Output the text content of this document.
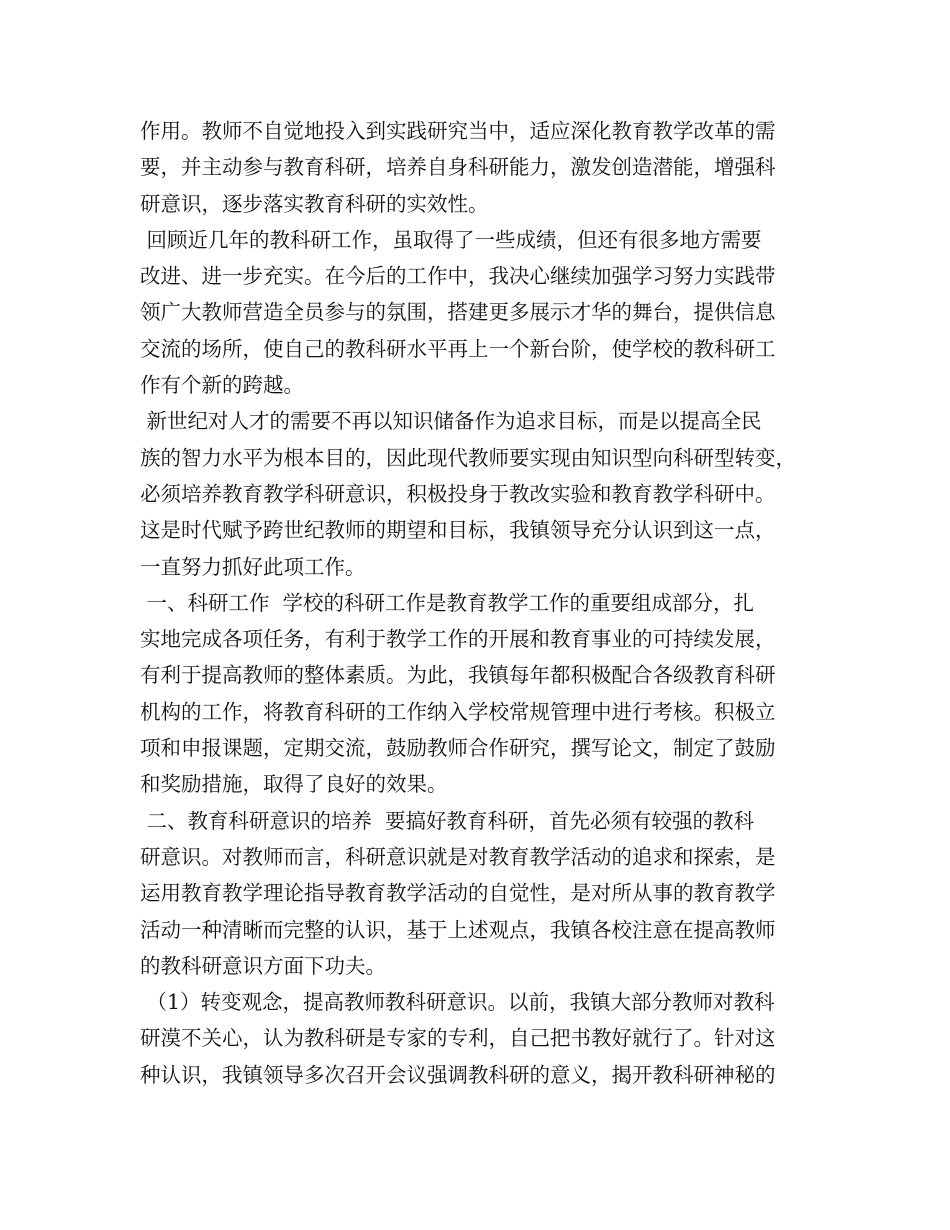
作用。教师不自觉地投入到实践研究当中，适应深化教育教学改革的需
要，并主动参与教育科研，培养自身科研能力，激发创造潜能，增强科
研意识，逐步落实教育科研的实效性。
回顾近几年的教科研工作，虽取得了一些成绩，但还有很多地方需要
改进、进一步充实。在今后的工作中，我决心继续加强学习努力实践带
领广大教师营造全员参与的氛围，搭建更多展示才华的舞台，提供信息
交流的场所，使自己的教科研水平再上一个新台阶，使学校的教科研工
作有个新的跨越。
新世纪对人才的需要不再以知识储备作为追求目标，而是以提高全民
族的智力水平为根本目的，因此现代教师要实现由知识型向科研型转变，
必须培养教育教学科研意识，积极投身于教改实验和教育教学科研中。
这是时代赋予跨世纪教师的期望和目标，我镇领导充分认识到这一点，
一直努力抓好此项工作。
一、科研工作  学校的科研工作是教育教学工作的重要组成部分，扎
实地完成各项任务，有利于教学工作的开展和教育事业的可持续发展，
有利于提高教师的整体素质。为此，我镇每年都积极配合各级教育科研
机构的工作，将教育科研的工作纳入学校常规管理中进行考核。积极立
项和申报课题，定期交流，鼓励教师合作研究，撰写论文，制定了鼓励
和奖励措施，取得了良好的效果。
二、教育科研意识的培养  要搞好教育科研，首先必须有较强的教科
研意识。对教师而言，科研意识就是对教育教学活动的追求和探索，是
运用教育教学理论指导教育教学活动的自觉性，是对所从事的教育教学
活动一种清晰而完整的认识，基于上述观点，我镇各校注意在提高教师
的教科研意识方面下功夫。
（1）转变观念，提高教师教科研意识。以前，我镇大部分教师对教科
研漠不关心，认为教科研是专家的专利，自己把书教好就行了。针对这
种认识，我镇领导多次召开会议强调教科研的意义，揭开教科研神秘的
